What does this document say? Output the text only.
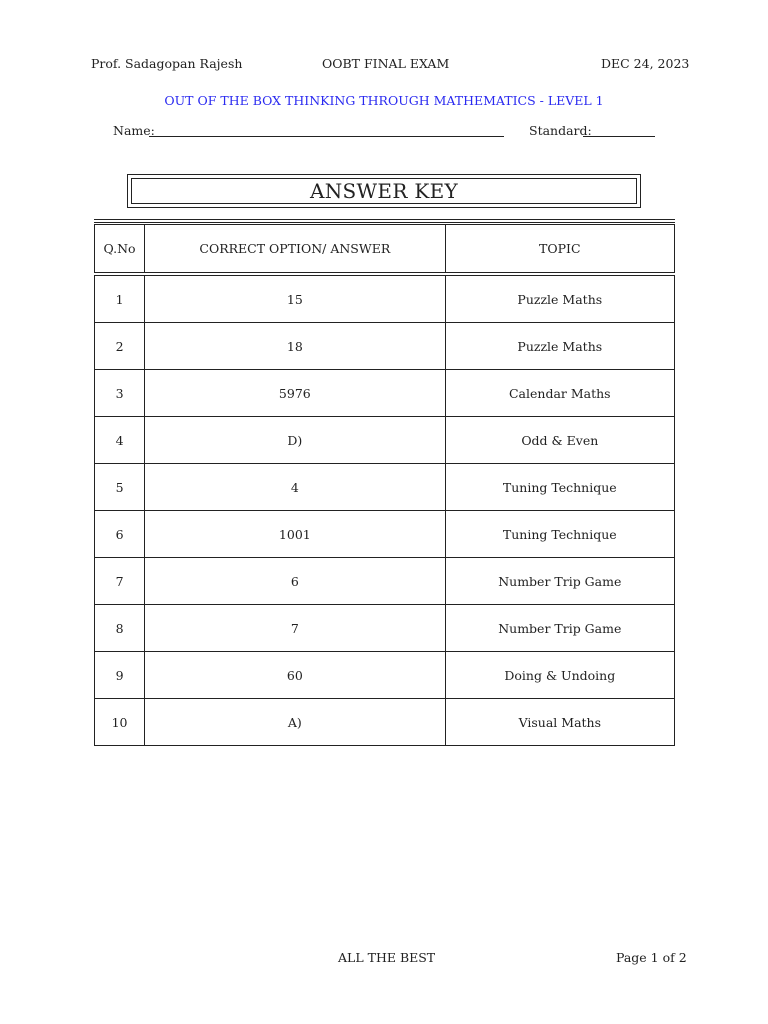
Prof. Sadagopan Rajesh	OOBT FINAL EXAM	DEC 24, 2023
OUT OF THE BOX THINKING THROUGH MATHEMATICS - LEVEL 1
Name:	Standard:
ANSWER KEY
Q.No	CORRECT OPTION/ ANSWER	TOPIC

1	15	Puzzle Maths
2	18	Puzzle Maths
3	5976	Calendar Maths
4	D)	Odd & Even
5	4	Tuning Technique
6	1001	Tuning Technique
7	6	Number Trip Game
8	7	Number Trip Game
9	60	Doing & Undoing
10	A)	Visual Maths
ALL THE BEST	Page 1 of 2
